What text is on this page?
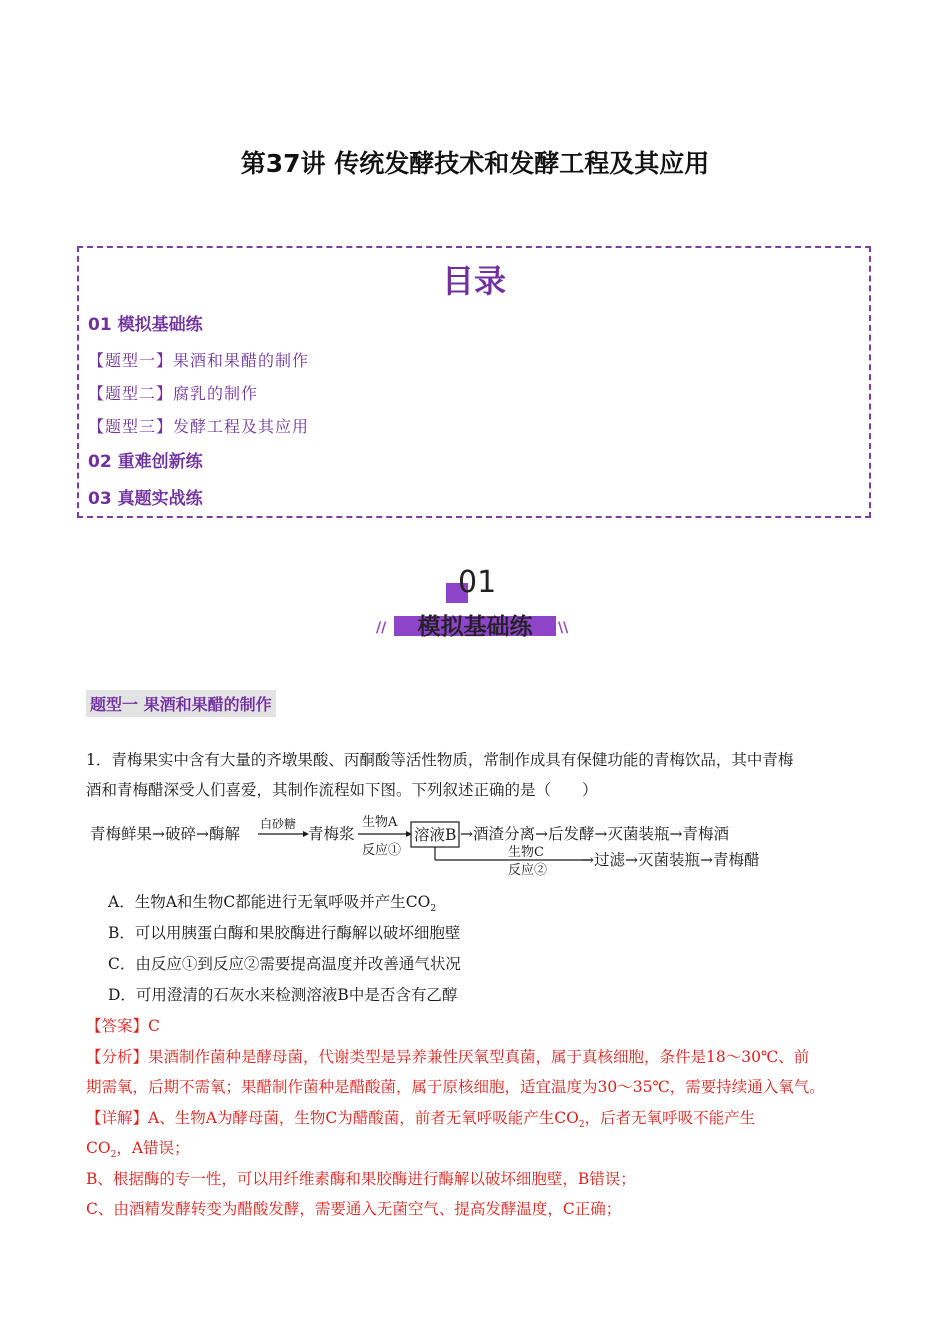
第37讲 传统发酵技术和发酵工程及其应用
目录
01 模拟基础练
【题型一】果酒和果醋的制作
【题型二】腐乳的制作
【题型三】发酵工程及其应用
02 重难创新练
03 真题实战练
01
模拟基础练
//	\\
题型一 果酒和果醋的制作
1．青梅果实中含有大量的齐墩果酸、丙酮酸等活性物质，常制作成具有保健功能的青梅饮品，其中青梅
酒和青梅醋深受人们喜爱，其制作流程如下图。下列叙述正确的是（　　）
青梅鲜果→破碎→酶解
白砂糖
青梅浆
生物A
反应①
溶液B →酒渣分离→后发酵→灭菌装瓶→青梅酒
生物C
反应②
→过滤→灭菌装瓶→青梅醋
A．生物A和生物C都能进行无氧呼吸并产生$CO_2$
B．可以用胰蛋白酶和果胶酶进行酶解以破坏细胞壁
C．由反应①到反应②需要提高温度并改善通气状况
D．可用澄清的石灰水来检测溶液B中是否含有乙醇
【答案】C
【分析】果酒制作菌种是酵母菌，代谢类型是异养兼性厌氧型真菌，属于真核细胞，条件是18～30℃、前
期需氧，后期不需氧；果醋制作菌种是醋酸菌，属于原核细胞，适宜温度为30～35℃，需要持续通入氧气。
【详解】A、生物A为酵母菌，生物C为醋酸菌，前者无氧呼吸能产生$CO_2$，后者无氧呼吸不能产生
$CO_2$，A错误；
B、根据酶的专一性，可以用纤维素酶和果胶酶进行酶解以破坏细胞壁，B错误；
C、由酒精发酵转变为醋酸发酵，需要通入无菌空气、提高发酵温度，C正确；
